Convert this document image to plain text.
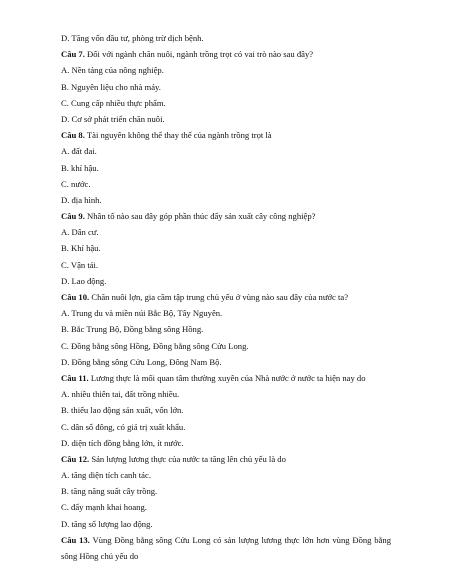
D. Tăng vốn đầu tư, phòng trừ dịch bệnh.
Câu 7. Đối với ngành chăn nuôi, ngành trồng trọt có vai trò nào sau đây?
A. Nền tảng của nông nghiệp.
B. Nguyên liệu cho nhà máy.
C. Cung cấp nhiều thực phẩm.
D. Cơ sở phát triển chăn nuôi.
Câu 8. Tài nguyên không thể thay thế của ngành trồng trọt là
A. đất đai.
B. khí hậu.
C. nước.
D. địa hình.
Câu 9. Nhân tố nào sau đây góp phần thúc đẩy sản xuất cây công nghiệp?
A. Dân cư.
B. Khí hậu.
C. Vận tải.
D. Lao động.
Câu 10. Chăn nuôi lợn, gia cầm tập trung chủ yếu ở vùng nào sau đây của nước ta?
A. Trung du và miền núi Bắc Bộ, Tây Nguyên.
B. Bắc Trung Bộ, Đồng bằng sông Hồng.
C. Đồng bằng sông Hồng, Đồng bằng sông Cửu Long.
D. Đồng bằng sông Cửu Long, Đông Nam Bộ.
Câu 11. Lương thực là mối quan tâm thường xuyên của Nhà nước ở nước ta hiện nay do
A. nhiều thiên tai, đất trồng nhiều.
B. thiếu lao động sản xuất, vốn lớn.
C. dân số đông, có giá trị xuất khẩu.
D. diện tích đồng bằng lớn, ít nước.
Câu 12. Sản lượng lương thực của nước ta tăng lên chủ yếu là do
A. tăng diện tích canh tác.
B. tăng năng suất cây trồng.
C. đẩy mạnh khai hoang.
D. tăng số lượng lao động.
Câu 13. Vùng Đồng bằng sông Cửu Long có sản lượng lương thực lớn hơn vùng Đồng bằng sông Hồng chủ yếu do
